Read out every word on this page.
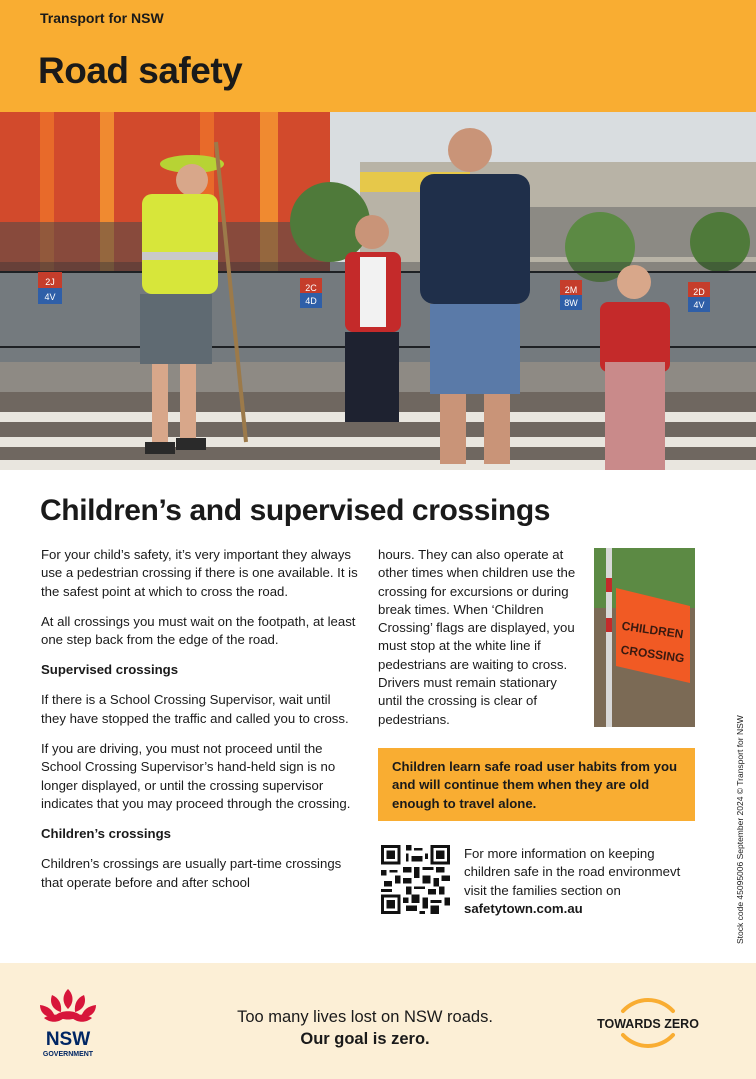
Transport for NSW
Road safety
2J
4V
2C
4D
2M
8W
2D
4V
Children’s and supervised crossings

For your child’s safety, it’s very important they always use a pedestrian crossing if there is one available. It is the safest point at which to cross the road.

At all crossings you must wait on the footpath, at least one step back from the edge of the road.

Supervised crossings

If there is a School Crossing Supervisor, wait until they have stopped the traffic and called you to cross.

If you are driving, you must not proceed until the School Crossing Supervisor’s hand-held sign is no longer displayed, or until the crossing supervisor indicates that you may proceed through the crossing.

Children’s crossings

Children’s crossings are usually part-time crossings that operate before and after school

hours. They can also operate at other times when children use the crossing for excursions or during break times. When ‘Children Crossing’ flags are displayed, you must stop at the white line if pedestrians are waiting to cross. Drivers must remain stationary until the crossing is clear of pedestrians.

CHILDREN
CROSSING
Children learn safe road user habits from you and will continue them when they are old enough to travel alone.
For more information on keeping children safe in the road environmevt visit the families section on safetytown.com.au	Stock code 45095006 September 2024 © Transport for NSW
NSW
GOVERNMENT
Too many lives lost on NSW roads.
Our goal is zero.
TOWARDS ZERO
